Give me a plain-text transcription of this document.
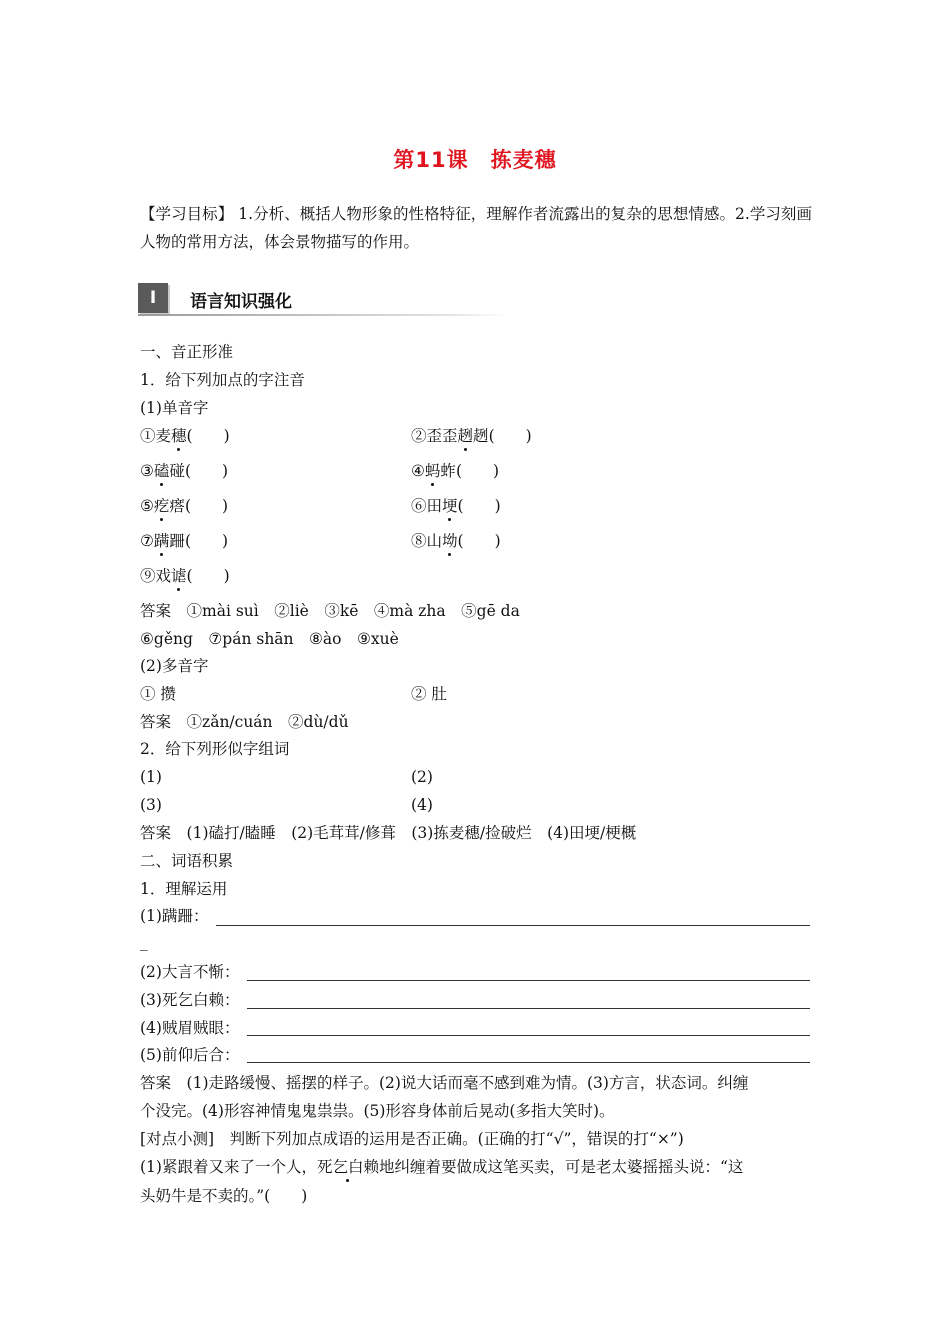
第11课　拣麦穗
【学习目标】 1.分析、概括人物形象的性格特征，理解作者流露出的复杂的思想情感。2.学习刻画人物的常用方法，体会景物描写的作用。
I	语言知识强化
一、音正形准
1．给下列加点的字注音
(1)单音字
①麦穗(　　)	②歪歪趔趔(　　)
③磕碰(　　)	④蚂蚱(　　)
⑤疙瘩(　　)	⑥田埂(　　)
⑦蹒跚(　　)	⑧山坳(　　)
⑨戏谑(　　)
答案　 ①mài suì　②liè　③kē　④mà zha　⑤gē da
⑥gěng　⑦pán shān　⑧ào　⑨xuè
(2)多音字
① 攒	② 肚
答案　 ①zǎn/cuán　②dù/dǔ
2．给下列形似字组词
(1)	(2)
(3)	(4)
答案　 (1)磕打/瞌睡　(2)毛茸茸/修葺　(3)拣麦穗/捡破烂　(4)田埂/梗概
二、词语积累
1．理解运用
(1)蹒跚：
_
(2)大言不惭：
(3)死乞白赖：
(4)贼眉贼眼：
(5)前仰后合：
答案　 (1)走路缓慢、摇摆的样子。(2)说大话而毫不感到难为情。(3)方言，状态词。纠缠
个没完。(4)形容神情鬼鬼祟祟。(5)形容身体前后晃动(多指大笑时)。
[对点小测]　 判断下列加点成语的运用是否正确。(正确的打“√”，错误的打“×”)
(1)紧跟着又来了一个人，死乞白赖地纠缠着要做成这笔买卖，可是老太婆摇摇头说：“这
头奶牛是不卖的。”(　　)
